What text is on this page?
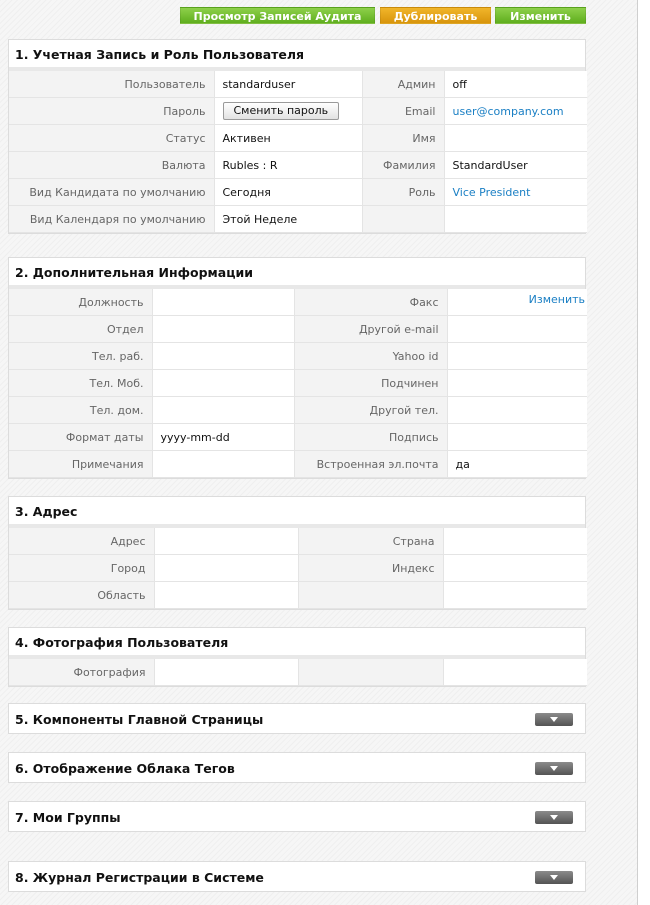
Просмотр Записей Аудита	Дублировать	Изменить
1. Учетная Запись и Роль Пользователя
Пользователь	standarduser	Админ	off
Пароль	Сменить пароль	Email	user@company.com
Статус	Активен	Имя	
Валюта	Rubles : R	Фамилия	StandardUser
Вид Кандидата по умолчанию	Сегодня	Роль	Vice President
Вид Календаря по умолчанию	Этой Неделе		
2. Дополнительная Информации
Изменить
Должность		Факс	
Отдел		Другой e-mail	
Тел. раб.		Yahoo id	
Тел. Моб.		Подчинен	
Тел. дом.		Другой тел.	
Формат даты	yyyy-mm-dd	Подпись	
Примечания		Встроенная эл.почта	да
3. Адрес
Адрес		Страна	
Город		Индекс	
Область			
4. Фотография Пользователя
Фотография			
5. Компоненты Главной Страницы
6. Отображение Облака Тегов
7. Мои Группы
8. Журнал Регистрации в Системе
